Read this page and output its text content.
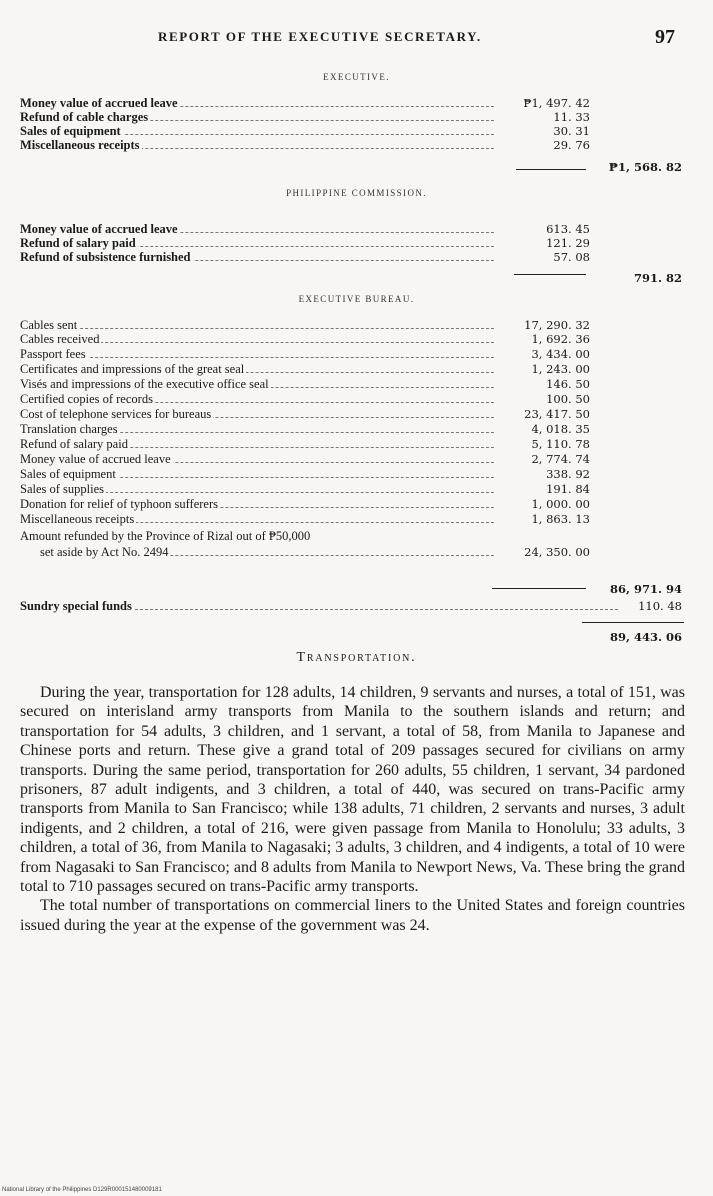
REPORT OF THE EXECUTIVE SECRETARY.	97
EXECUTIVE.
Money value of accrued leave	₱1, 497. 42
Refund of cable charges	11. 33
Sales of equipment	30. 31
Miscellaneous receipts	29. 76
₱1, 568. 82
PHILIPPINE COMMISSION.
Money value of accrued leave	613. 45
Refund of salary paid	121. 29
Refund of subsistence furnished	57. 08
791. 82
EXECUTIVE BUREAU.
Cables sent	17, 290. 32
Cables received	1, 692. 36
Passport fees	3, 434. 00
Certificates and impressions of the great seal	1, 243. 00
Visés and impressions of the executive office seal	146. 50
Certified copies of records	100. 50
Cost of telephone services for bureaus	23, 417. 50
Translation charges	4, 018. 35
Refund of salary paid	5, 110. 78
Money value of accrued leave	2, 774. 74
Sales of equipment	338. 92
Sales of supplies	191. 84
Donation for relief of typhoon sufferers	1, 000. 00
Miscellaneous receipts	1, 863. 13
Amount refunded by the Province of Rizal out of ₱50,000
set aside by Act No. 2494	24, 350. 00
86, 971. 94
Sundry special funds	110. 48
89, 443. 06
Transportation.

During the year, transportation for 128 adults, 14 children, 9 servants and nurses, a total of 151, was secured on interisland army transports from Manila to the southern islands and return; and transportation for 54 adults, 3 children, and 1 servant, a total of 58, from Manila to Japanese and Chinese ports and return. These give a grand total of 209 passages secured for civilians on army transports. During the same period, transportation for 260 adults, 55 children, 1 servant, 34 pardoned prisoners, 87 adult indigents, and 3 children, a total of 440, was secured on trans-Pacific army transports from Manila to San Francisco; while 138 adults, 71 children, 2 servants and nurses, 3 adult indigents, and 2 children, a total of 216, were given passage from Manila to Honolulu; 33 adults, 3 children, a total of 36, from Manila to Nagasaki; 3 adults, 3 children, and 4 indigents, a total of 10 were from Nagasaki to San Francisco; and 8 adults from Manila to Newport News, Va. These bring the grand total to 710 passages secured on trans-Pacific army transports.

The total number of transportations on commercial liners to the United States and foreign countries issued during the year at the expense of the government was 24.

National Library of the Philippines D129R000151480009181
